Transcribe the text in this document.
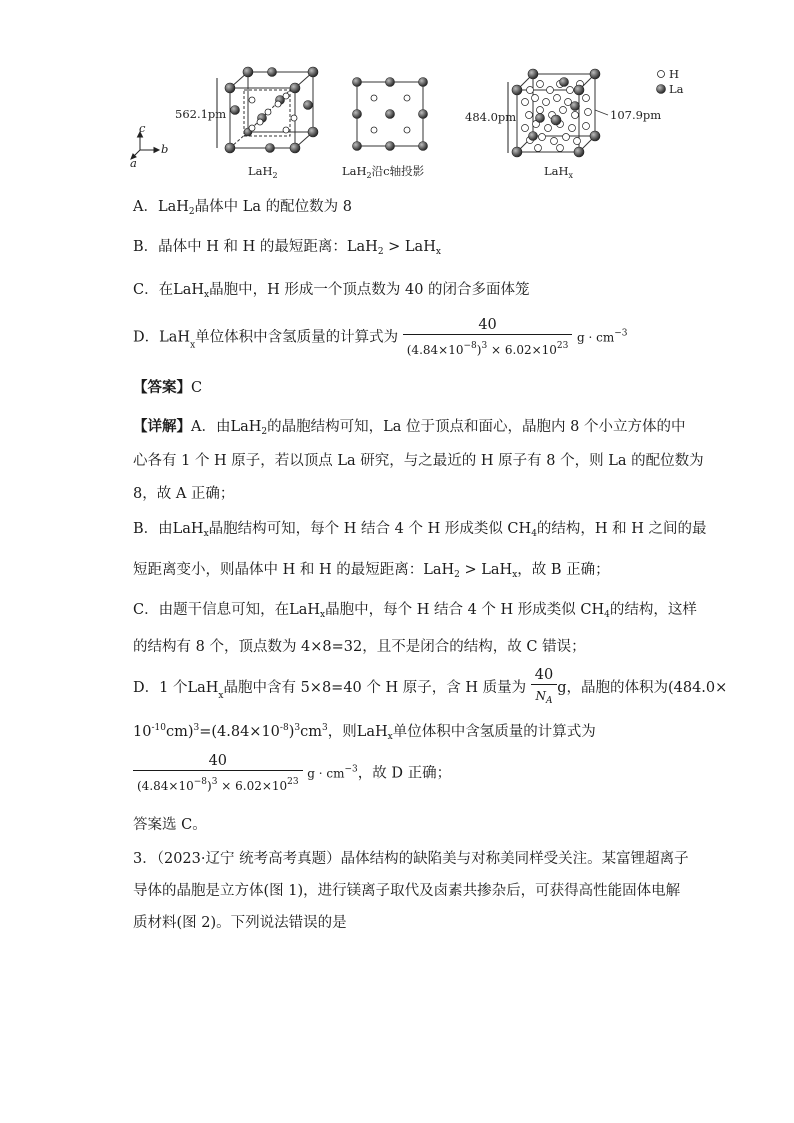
c
b
a
562.1pm
LaH$_2$	LaH$_2$沿c轴投影
484.0pm	107.9pm
LaH$_x$
H
La
A．LaH$_2$晶体中 La 的配位数为 8
B．晶体中 H 和 H 的最短距离：LaH$_2$ > LaH$_x$
C．在LaH$_x$晶胞中，H 形成一个顶点数为 40 的闭合多面体笼
D．LaH$_x$单位体积中含氢质量的计算式为 $\frac{40}{(4.84\times 10^{-8})^3 \times 6.02\times 10^{23}}$ $g \cdot cm^{-3}$
【答案】C
【详解】A．由LaH$_2$的晶胞结构可知，La 位于顶点和面心，晶胞内 8 个小立方体的中
心各有 1 个 H 原子，若以顶点 La 研究，与之最近的 H 原子有 8 个，则 La 的配位数为
8，故 A 正确；
B．由LaH$_x$晶胞结构可知，每个 H 结合 4 个 H 形成类似 $CH_4$的结构，H 和 H 之间的最
短距离变小，则晶体中 H 和 H 的最短距离：LaH$_2$ > LaH$_x$，故 B 正确；
C．由题干信息可知，在LaH$_x$晶胞中，每个 H 结合 4 个 H 形成类似 $CH_4$的结构，这样
的结构有 8 个，顶点数为 4×8=32，且不是闭合的结构，故 C 错误；
D．1 个LaH$_x$晶胞中含有 5×8=40 个 H 原子，含 H 质量为 $\frac{40}{N_A}$ g，晶胞的体积为(484.0×
$10^{-10}cm)^3=(4.84\times 10^{-8})^3cm^3$，则LaH$_x$单位体积中含氢质量的计算式为
$\frac{40}{(4.84\times 10^{-8})^3 \times 6.02\times 10^{23}}$ $g \cdot cm^{-3}$，故 D 正确；
答案选 C。
3．（2023·辽宁 统考高考真题）晶体结构的缺陷美与对称美同样受关注。某富锂超离子
导体的晶胞是立方体(图 1)，进行镁离子取代及卤素共掺杂后，可获得高性能固体电解
质材料(图 2)。下列说法错误的是
